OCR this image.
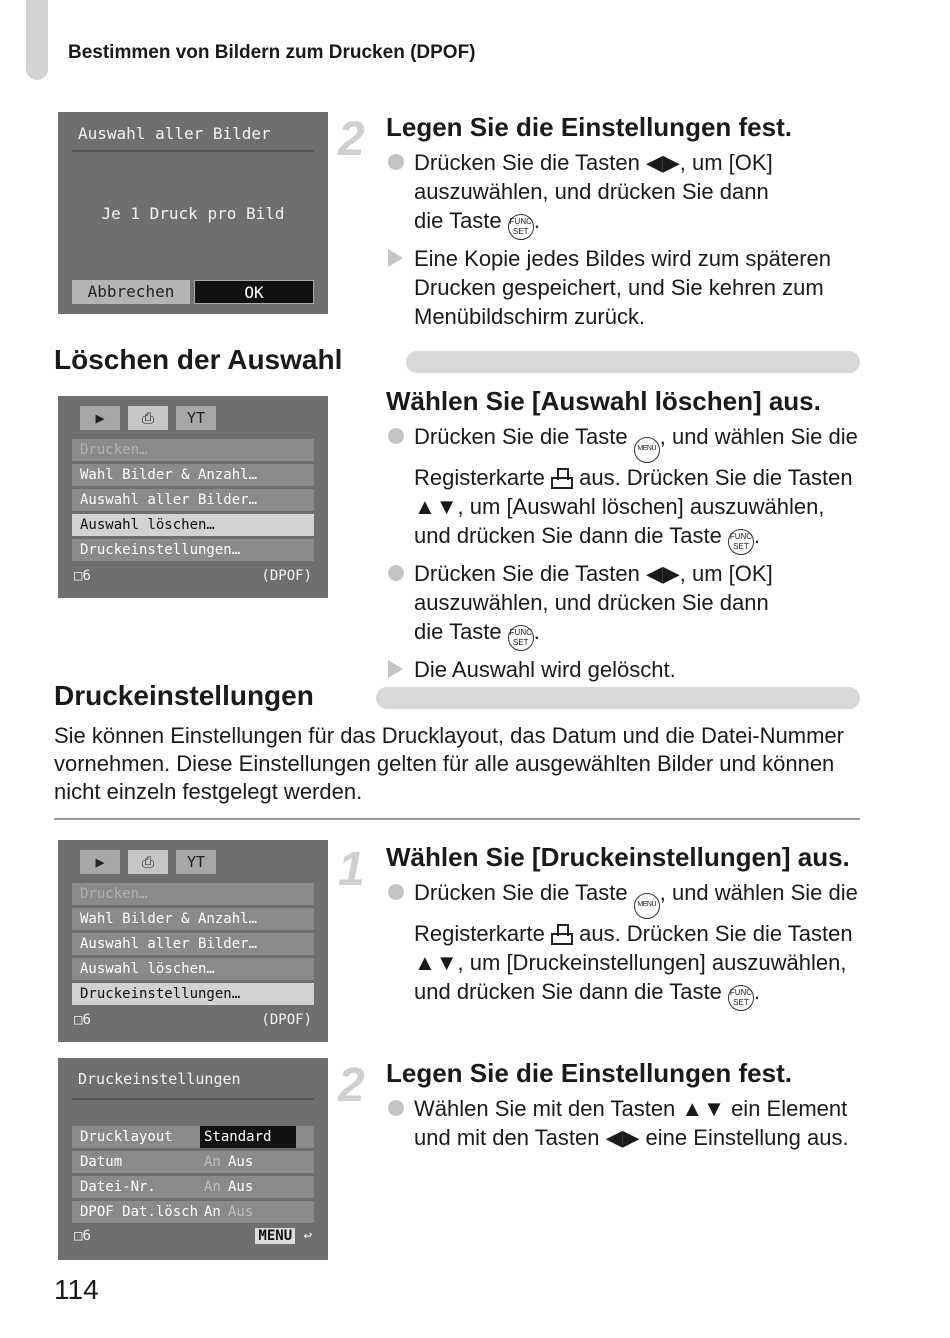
Bestimmen von Bildern zum Drucken (DPOF)
Auswahl aller Bilder
Je 1 Druck pro Bild
Abbrechen	OK
2 Legen Sie die Einstellungen fest.
Drücken Sie die Tasten ◀▶, um [OK]
auszuwählen, und drücken Sie dann
die Taste FUNC SET .
Eine Kopie jedes Bildes wird zum späteren
Drucken gespeichert, und Sie kehren zum
Menübildschirm zurück.
Löschen der Auswahl
▶ ⎙ YT
Drucken…
Wahl Bilder & Anzahl…
Auswahl aller Bilder…
Auswahl löschen…
Druckeinstellungen…
□6	(DPOF)
Wählen Sie [Auswahl löschen] aus.
Drücken Sie die Taste MENU , und wählen Sie die
Registerkarte aus. Drücken Sie die Tasten
▲▼, um [Auswahl löschen] auszuwählen,
und drücken Sie dann die Taste FUNC SET .
Drücken Sie die Tasten ◀▶, um [OK]
auszuwählen, und drücken Sie dann
die Taste FUNC SET .
Die Auswahl wird gelöscht.
Druckeinstellungen
Sie können Einstellungen für das Drucklayout, das Datum und die Datei-Nummer
vornehmen. Diese Einstellungen gelten für alle ausgewählten Bilder und können
nicht einzeln festgelegt werden.
▶ ⎙ YT
Drucken…
Wahl Bilder & Anzahl…
Auswahl aller Bilder…
Auswahl löschen…
Druckeinstellungen…
□6	(DPOF)
1 Wählen Sie [Druckeinstellungen] aus.
Drücken Sie die Taste MENU , und wählen Sie die
Registerkarte aus. Drücken Sie die Tasten
▲▼, um [Druckeinstellungen] auszuwählen,
und drücken Sie dann die Taste FUNC SET .
Druckeinstellungen
Drucklayout Standard
Datum	An Aus
Datei-Nr.	An Aus
DPOF Dat.lösch An Aus
□6	MENU ↩
2 Legen Sie die Einstellungen fest.
Wählen Sie mit den Tasten ▲▼ ein Element
und mit den Tasten ◀▶ eine Einstellung aus.
114
